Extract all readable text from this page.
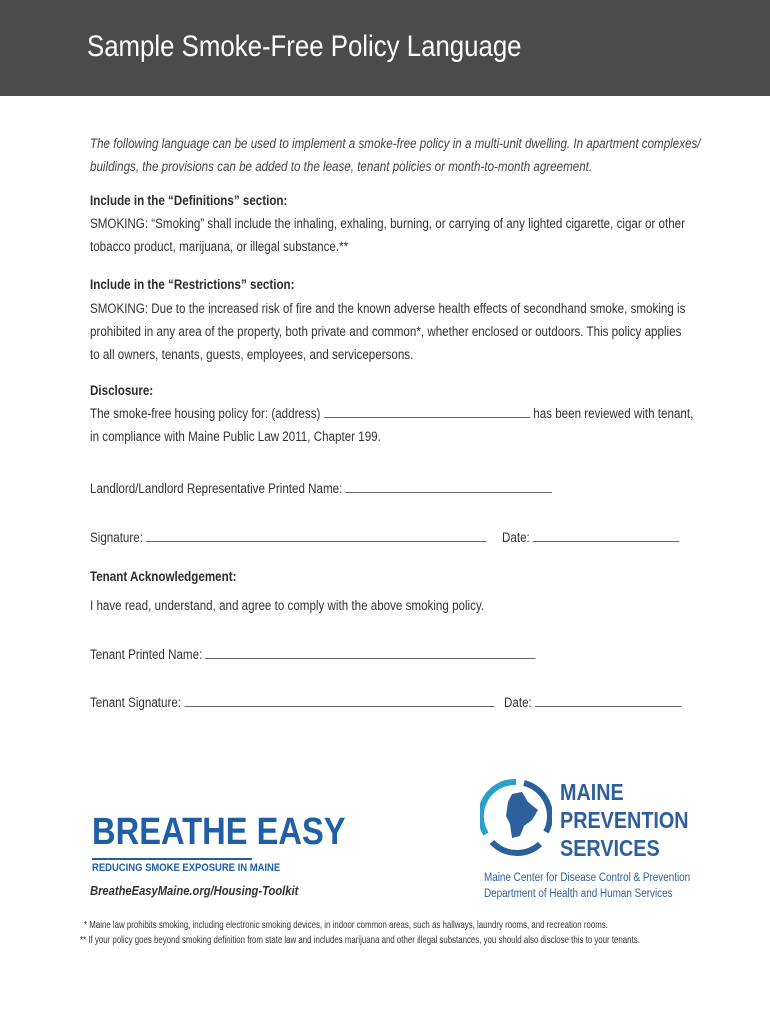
Sample Smoke-Free Policy Language
The following language can be used to implement a smoke-free policy in a multi-unit dwelling. In apartment complexes/
buildings, the provisions can be added to the lease, tenant policies or month-to-month agreement.
Include in the “Definitions” section:
SMOKING: “Smoking” shall include the inhaling, exhaling, burning, or carrying of any lighted cigarette, cigar or other
tobacco product, marijuana, or illegal substance.**
Include in the “Restrictions” section:
SMOKING: Due to the increased risk of fire and the known adverse health effects of secondhand smoke, smoking is
prohibited in any area of the property, both private and common*, whether enclosed or outdoors. This policy applies
to all owners, tenants, guests, employees, and servicepersons.
Disclosure:
The smoke-free housing policy for: (address)	has been reviewed with tenant,
in compliance with Maine Public Law 2011, Chapter 199.
Landlord/Landlord Representative Printed Name:
Signature:	Date:
Tenant Acknowledgement:
I have read, understand, and agree to comply with the above smoking policy.
Tenant Printed Name:
Tenant Signature:	Date:
BREATHE EASY
REDUCING SMOKE EXPOSURE IN MAINE
BreatheEasyMaine.org/Housing-Toolkit
MAINE
PREVENTION
SERVICES
Maine Center for Disease Control & Prevention
Department of Health and Human Services
* Maine law prohibits smoking, including electronic smoking devices, in indoor common areas, such as hallways, laundry rooms, and recreation rooms.
** If your policy goes beyond smoking definition from state law and includes marijuana and other illegal substances, you should also disclose this to your tenants.
